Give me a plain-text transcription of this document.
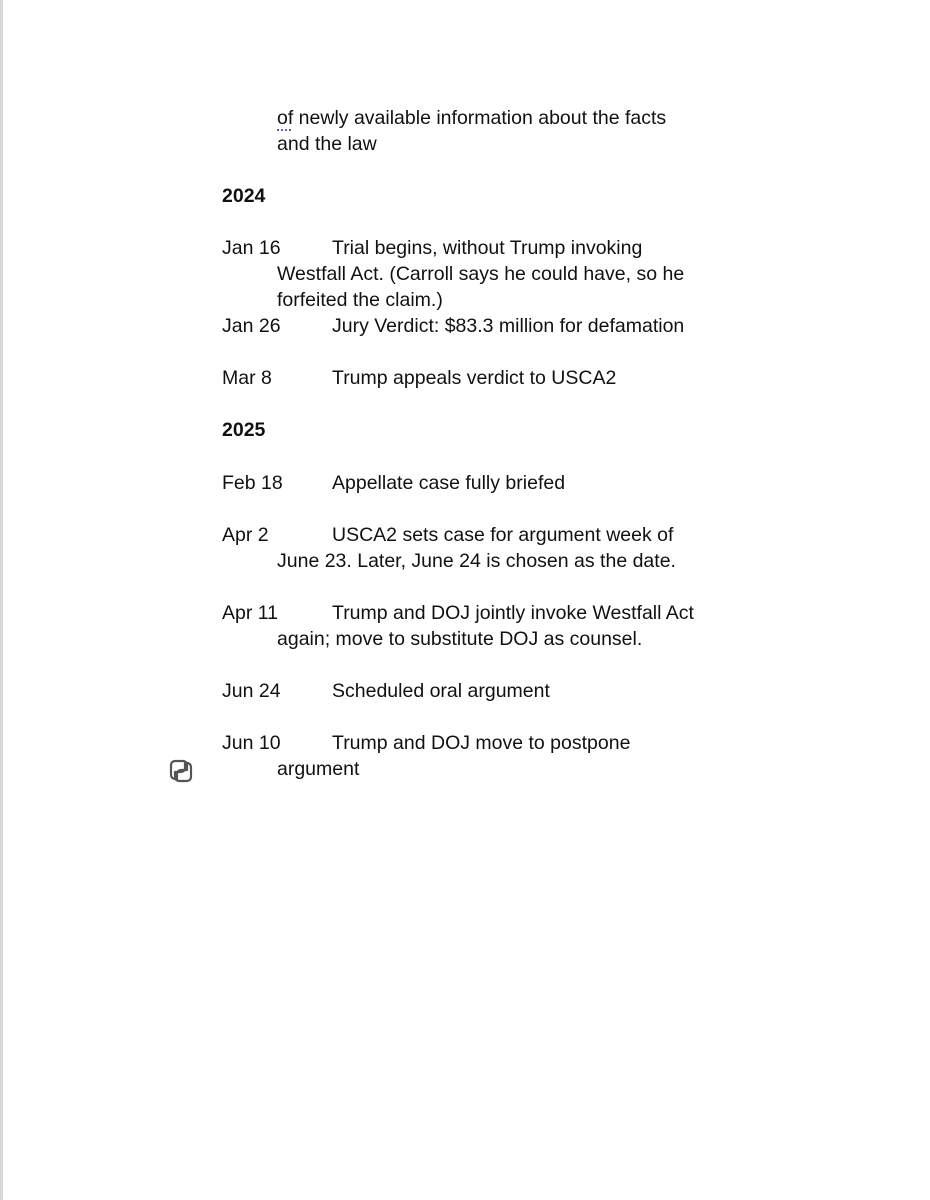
of newly available information about the facts
and the law
2024
Jan 16	Trial begins, without Trump invoking
Westfall Act. (Carroll says he could have, so he
forfeited the claim.)
Jan 26	Jury Verdict: $83.3 million for defamation
Mar 8	Trump appeals verdict to USCA2
2025
Feb 18	Appellate case fully briefed
Apr 2	USCA2 sets case for argument week of
June 23. Later, June 24 is chosen as the date.
Apr 11	Trump and DOJ jointly invoke Westfall Act
again; move to substitute DOJ as counsel.
Jun 24	Scheduled oral argument
Jun 10	Trump and DOJ move to postpone
argument
